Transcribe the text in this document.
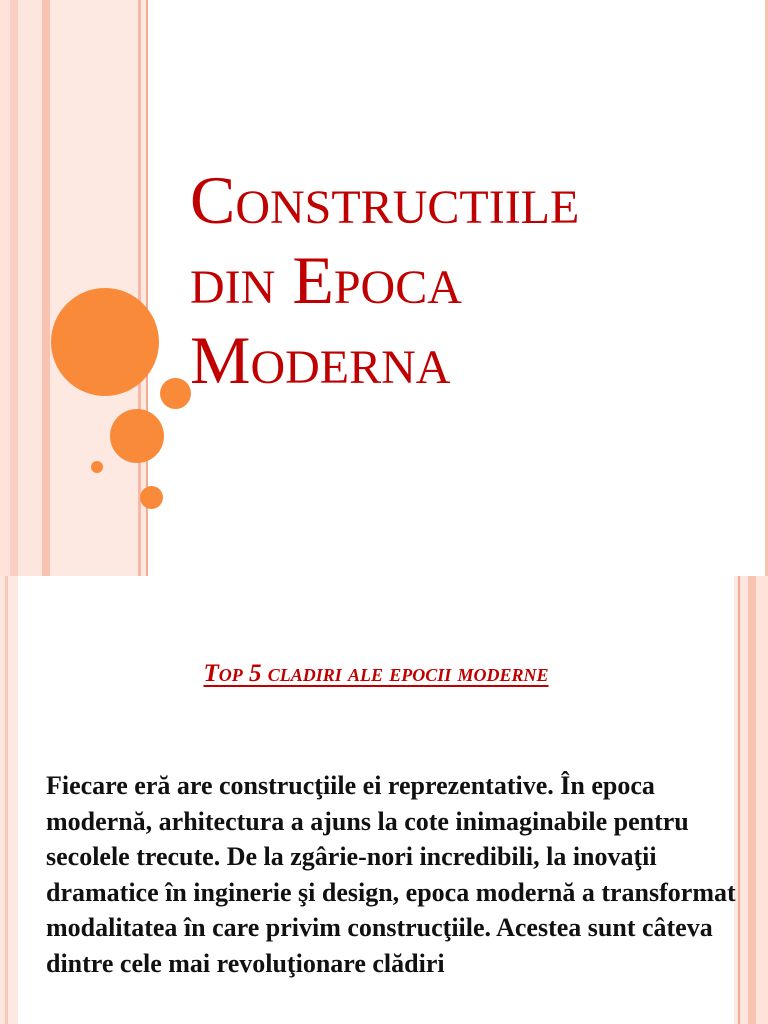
Constructiile
din Epoca
Moderna
Top 5 cladiri ale epocii moderne

Fiecare eră are construcţiile ei reprezentative. În epoca modernă, arhitectura a ajuns la cote inimaginabile pentru secolele trecute. De la zgârie-nori incredibili, la inovaţii dramatice în inginerie şi design, epoca modernă a transformat modalitatea în care privim construcţiile. Acestea sunt câteva dintre cele mai revoluţionare clădiri
